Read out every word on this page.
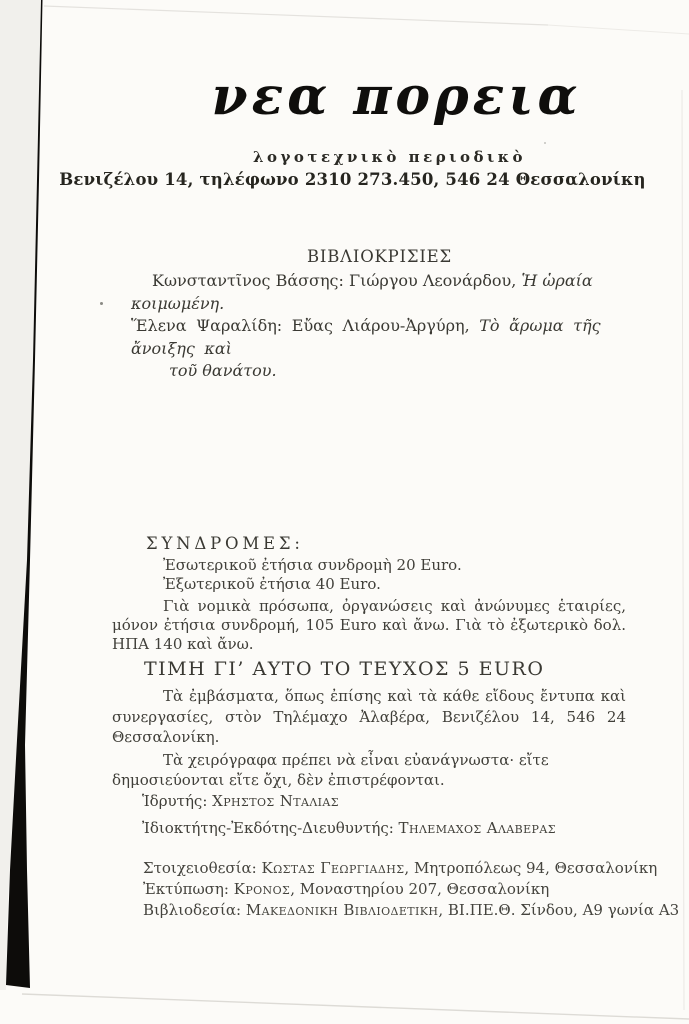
νεα πορεια
λογοτεχνικὸ περιοδικὸ
Βενιζέλου 14, τηλέφωνο 2310 273.450, 546 24 Θεσσαλονίκη
ΒΙΒΛΙΟΚΡΙΣΙΕΣ
Κωνσταντῖνος Βάσσης: Γιώργου Λεονάρδου, Ἡ ὡραία κοιμωμένη.
Ἕλενα Ψαραλίδη: Εὔας Λιάρου-Ἀργύρη, Τὸ ἄρωμα τῆς ἄνοιξης καὶ
τοῦ θανάτου.
ΣΥΝΔΡΟΜΕΣ:

Ἐσωτερικοῦ ἐτήσια συνδρομὴ 20 Euro.

Ἐξωτερικοῦ ἐτήσια 40 Euro.

Γιὰ νομικὰ πρόσωπα, ὀργανώσεις καὶ ἀνώνυμες ἑταιρίες, μόνον ἐτήσια συνδρομή, 105 Euro καὶ ἄνω. Γιὰ τὸ ἐξωτερικὸ δολ. ΗΠΑ 140 καὶ ἄνω.

ΤΙΜΗ ΓΙ’ ΑΥΤΟ ΤΟ ΤΕΥΧΟΣ 5 EURO

Τὰ ἐμβάσματα, ὅπως ἐπίσης καὶ τὰ κάθε εἴδους ἔντυπα καὶ συνεργασίες, στὸν Τηλέμαχο Ἀλαβέρα, Βενιζέλου 14, 546 24 Θεσσαλονίκη.

Τὰ χειρόγραφα πρέπει νὰ εἶναι εὐανάγνωστα· εἴτε δημοσιεύονται εἴτε ὄχι, δὲν ἐπιστρέφονται.

Ἱδρυτής: Χρηστος Νταλιας
Ἰδιοκτήτης-Ἐκδότης-Διευθυντής: Τηλεμαχος Αλαβερας
Στοιχειοθεσία: Κωστας Γεωργιαδης, Μητροπόλεως 94, Θεσσαλονίκη
Ἐκτύπωση: Κρονος, Μοναστηρίου 207, Θεσσαλονίκη
Βιβλιοδεσία: Μακεδονικη Βιβλιοδετικη, ΒΙ.ΠΕ.Θ. Σίνδου, Α9 γωνία Α3
